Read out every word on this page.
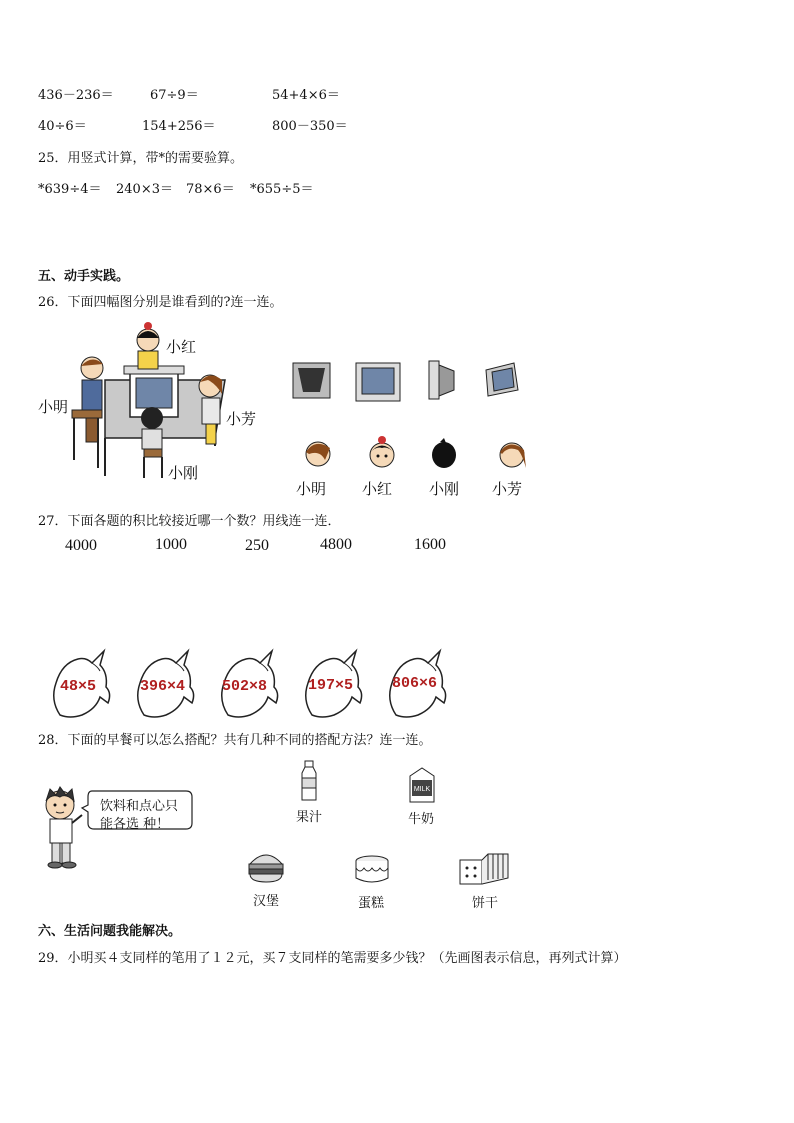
436－236＝	67÷9＝	54+4×6＝
40÷6＝	154+256＝	800－350＝
25．用竖式计算，带*的需要验算。
*639÷4＝ 240×3＝ 78×6＝ *655÷5＝
五、动手实践。
26．下面四幅图分别是谁看到的?连一连。
小红
小明
小芳
小刚
小明 小红 小刚 小芳
27．下面各题的积比较接近哪一个数？用线连一连．
4000	1000	250	4800	1600
48×5	396×4 502×8	197×5	806×6
28．下面的早餐可以怎么搭配？共有几种不同的搭配方法？连一连。
饮料和点心只
能各选 种！
MILK
果汁	牛奶
汉堡	蛋糕	饼干
六、生活问题我能解决。
29．小明买４支同样的笔用了１２元，买７支同样的笔需要多少钱？（先画图表示信息，再列式计算）
